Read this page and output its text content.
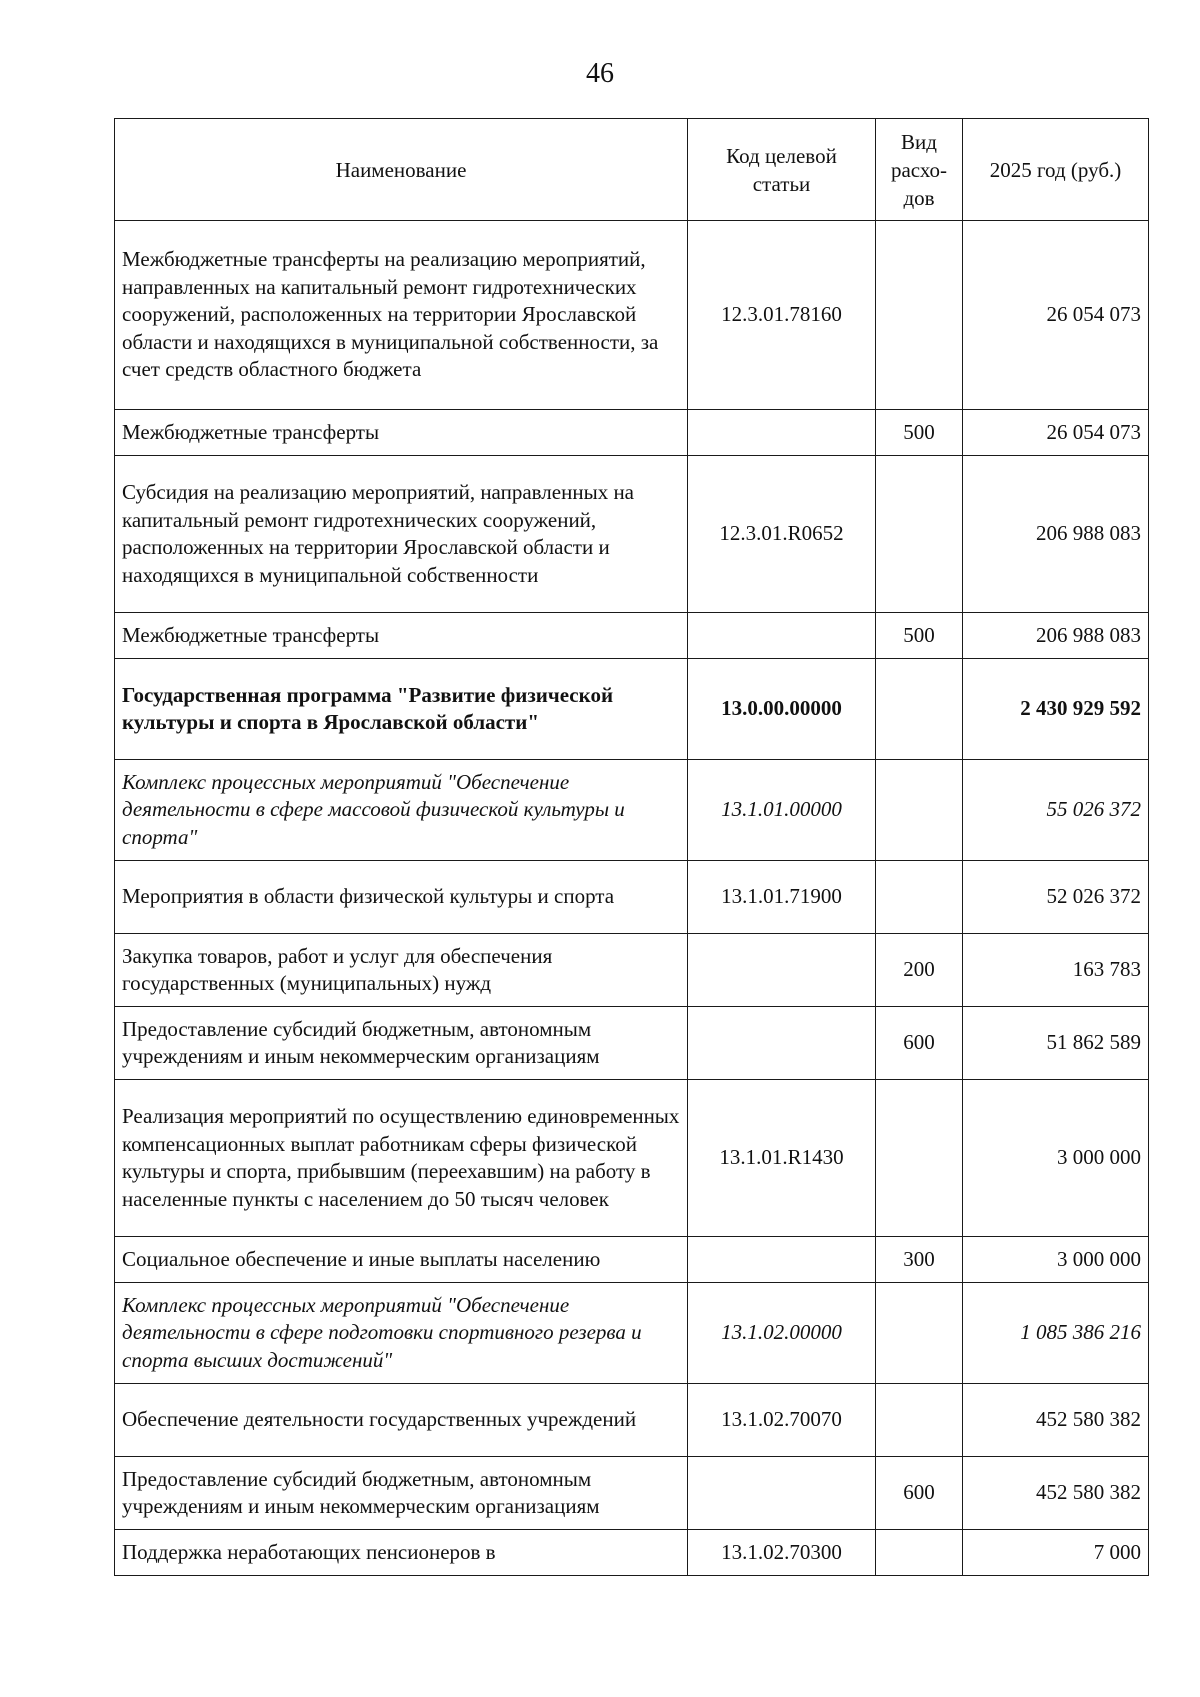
46
Наименование	Код целевой статьи	Вид расхо-дов	2025 год (руб.)
Межбюджетные трансферты на реализацию мероприятий, направленных на капитальный ремонт гидротехнических сооружений, расположенных на территории Ярославской области и находящихся в муниципальной собственности, за счет средств областного бюджета	12.3.01.78160		26 054 073
Межбюджетные трансферты		500	26 054 073
Субсидия на реализацию мероприятий, направленных на капитальный ремонт гидротехнических сооружений, расположенных на территории Ярославской области и находящихся в муниципальной собственности	12.3.01.R0652		206 988 083
Межбюджетные трансферты		500	206 988 083
Государственная программа "Развитие физической культуры и спорта в Ярославской области"	13.0.00.00000		2 430 929 592
Комплекс процессных мероприятий "Обеспечение деятельности в сфере массовой физической культуры и спорта"	13.1.01.00000		55 026 372
Мероприятия в области физической культуры и спорта	13.1.01.71900		52 026 372
Закупка товаров, работ и услуг для обеспечения государственных (муниципальных) нужд		200	163 783
Предоставление субсидий бюджетным, автономным учреждениям и иным некоммерческим организациям		600	51 862 589
Реализация мероприятий по осуществлению единовременных компенсационных выплат работникам сферы физической культуры и спорта, прибывшим (переехавшим) на работу в населенные пункты с населением до 50 тысяч человек	13.1.01.R1430		3 000 000
Социальное обеспечение и иные выплаты населению		300	3 000 000
Комплекс процессных мероприятий "Обеспечение деятельности в сфере подготовки спортивного резерва и спорта высших достижений"	13.1.02.00000		1 085 386 216
Обеспечение деятельности государственных учреждений	13.1.02.70070		452 580 382
Предоставление субсидий бюджетным, автономным учреждениям и иным некоммерческим организациям		600	452 580 382
Поддержка неработающих пенсионеров в	13.1.02.70300		7 000
